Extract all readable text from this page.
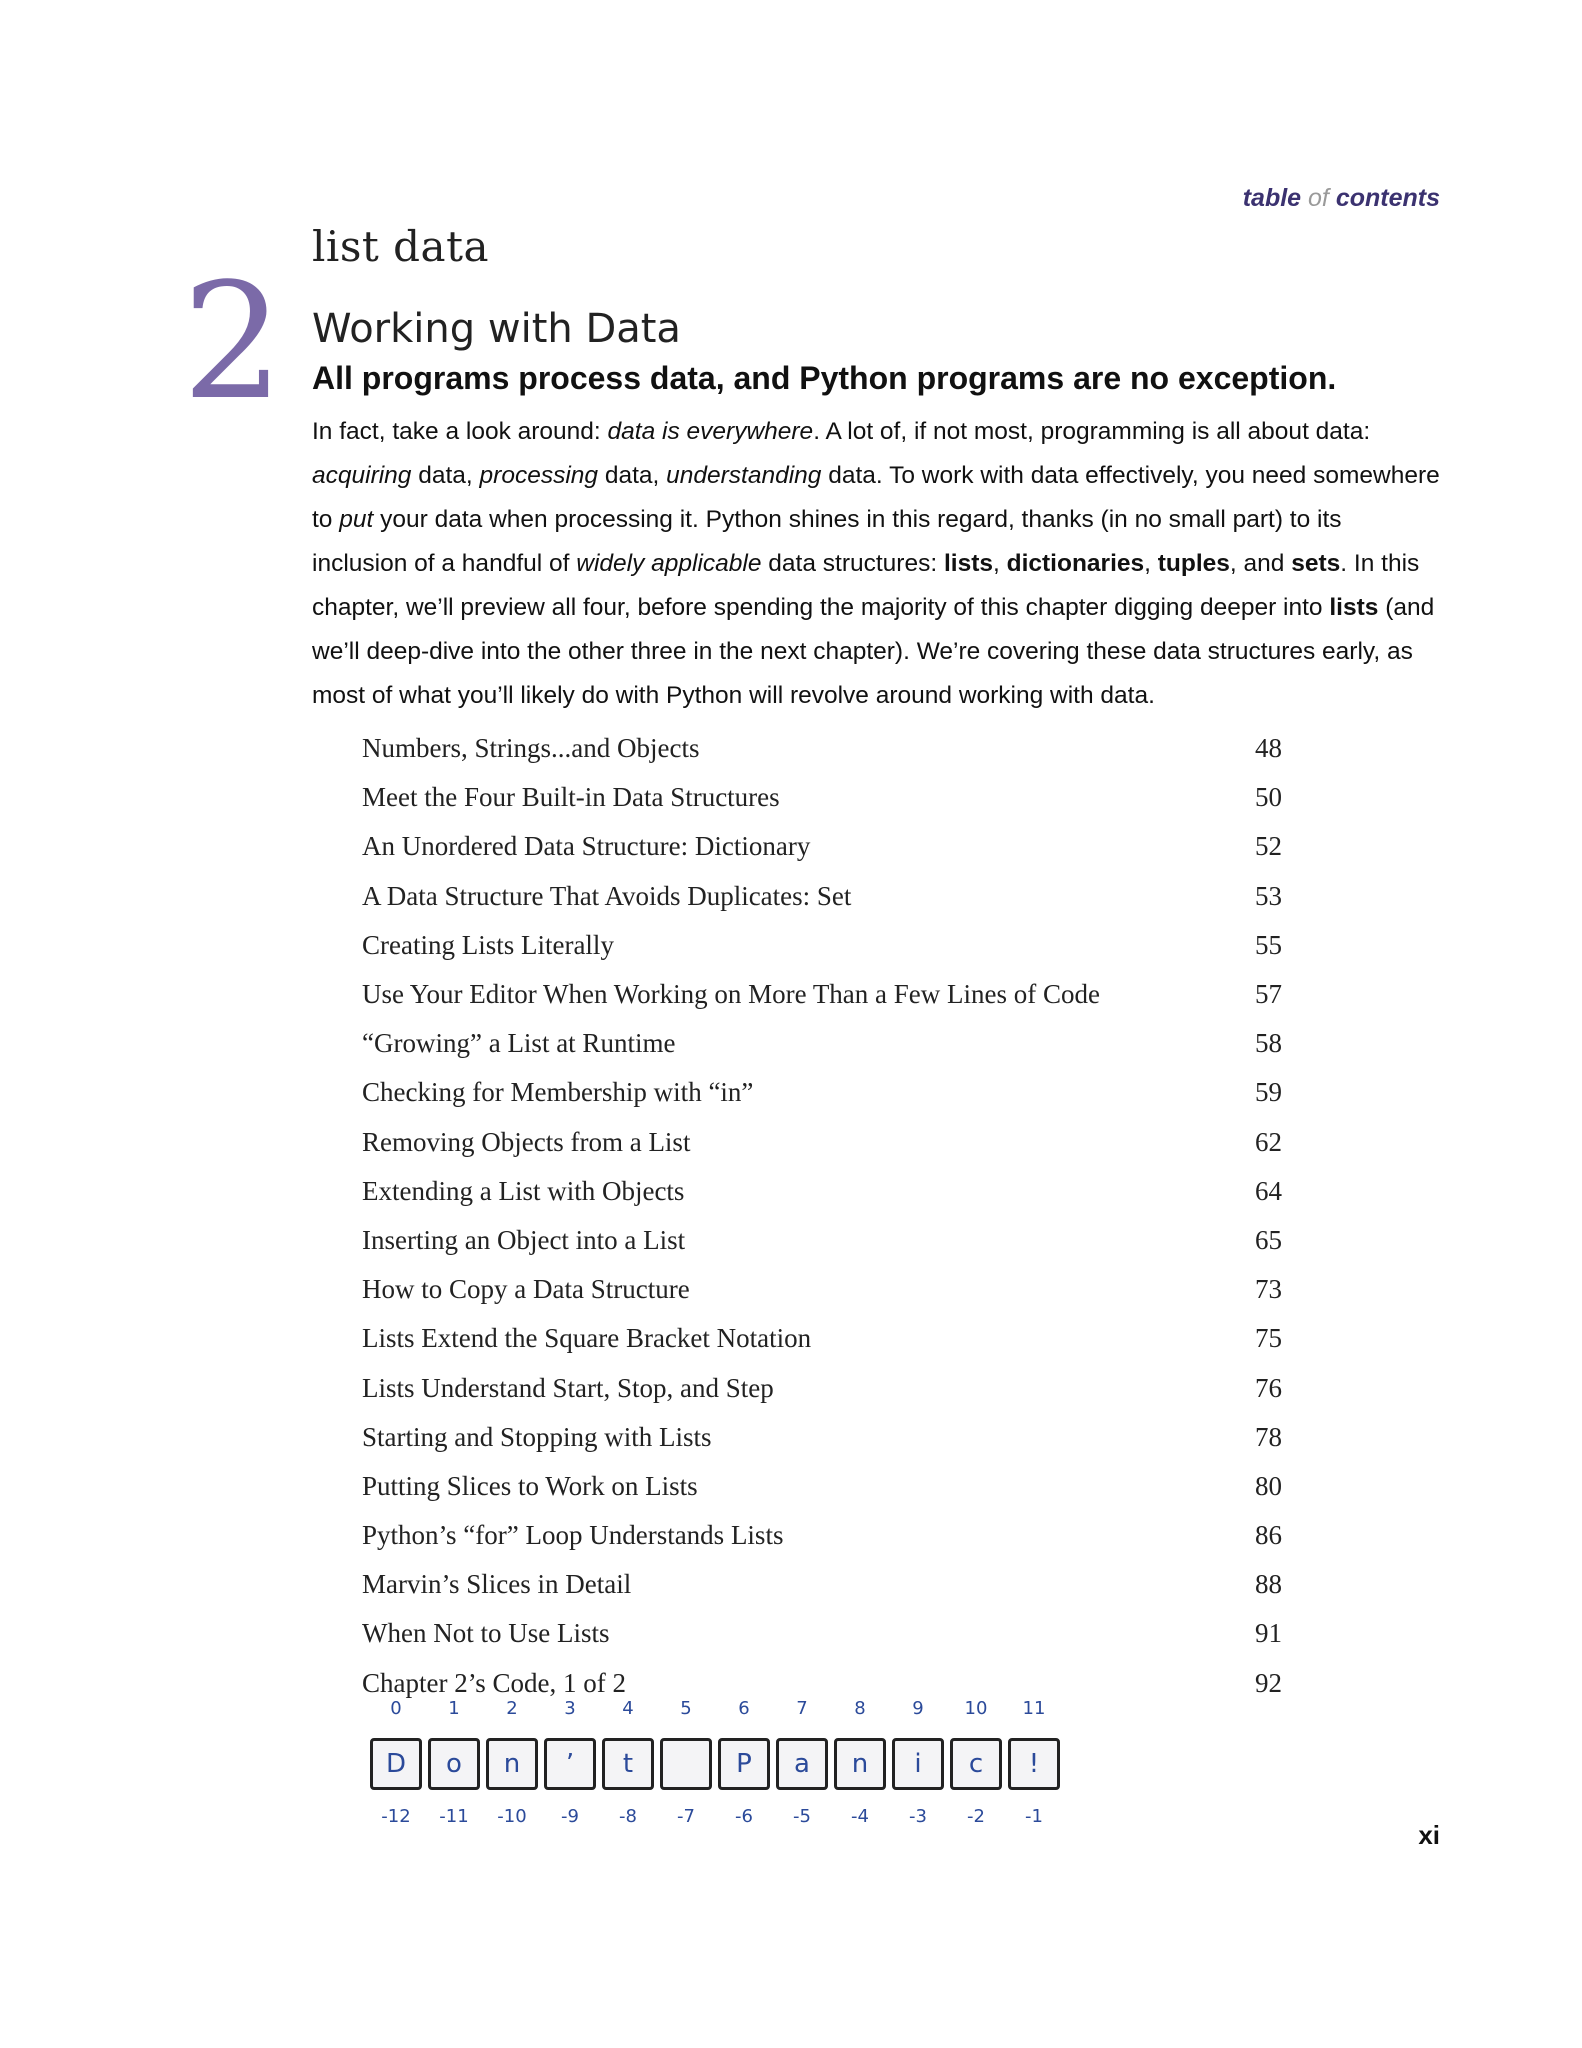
table of contents
list data
2 Working with Data
All programs process data, and Python programs are no exception.

In fact, take a look around: data is everywhere. A lot of, if not most, programming is all about data: acquiring data, processing data, understanding data. To work with data effectively, you need somewhere to put your data when processing it. Python shines in this regard, thanks (in no small part) to its inclusion of a handful of widely applicable data structures: lists, dictionaries, tuples, and sets. In this chapter, we’ll preview all four, before spending the majority of this chapter digging deeper into lists (and we’ll deep-dive into the other three in the next chapter). We’re covering these data structures early, as most of what you’ll likely do with Python will revolve around working with data.

Numbers, Strings...and Objects	48
Meet the Four Built-in Data Structures	50
An Unordered Data Structure: Dictionary	52
A Data Structure That Avoids Duplicates: Set	53
Creating Lists Literally	55
Use Your Editor When Working on More Than a Few Lines of Code	57
“Growing” a List at Runtime	58
Checking for Membership with “in”	59
Removing Objects from a List	62
Extending a List with Objects	64
Inserting an Object into a List	65
How to Copy a Data Structure	73
Lists Extend the Square Bracket Notation	75
Lists Understand Start, Stop, and Step	76
Starting and Stopping with Lists	78
Putting Slices to Work on Lists	80
Python’s “for” Loop Understands Lists	86
Marvin’s Slices in Detail	88
When Not to Use Lists	91
Chapter 2’s Code, 1 of 2	92
0
D
-12
1
o
-11
2
n
-10
3
’
-9
4
t
-8
5
-7
6
P
-6
7
a
-5
8
n
-4
9
i
-3
10
c
-2
11
!
-1
xi
